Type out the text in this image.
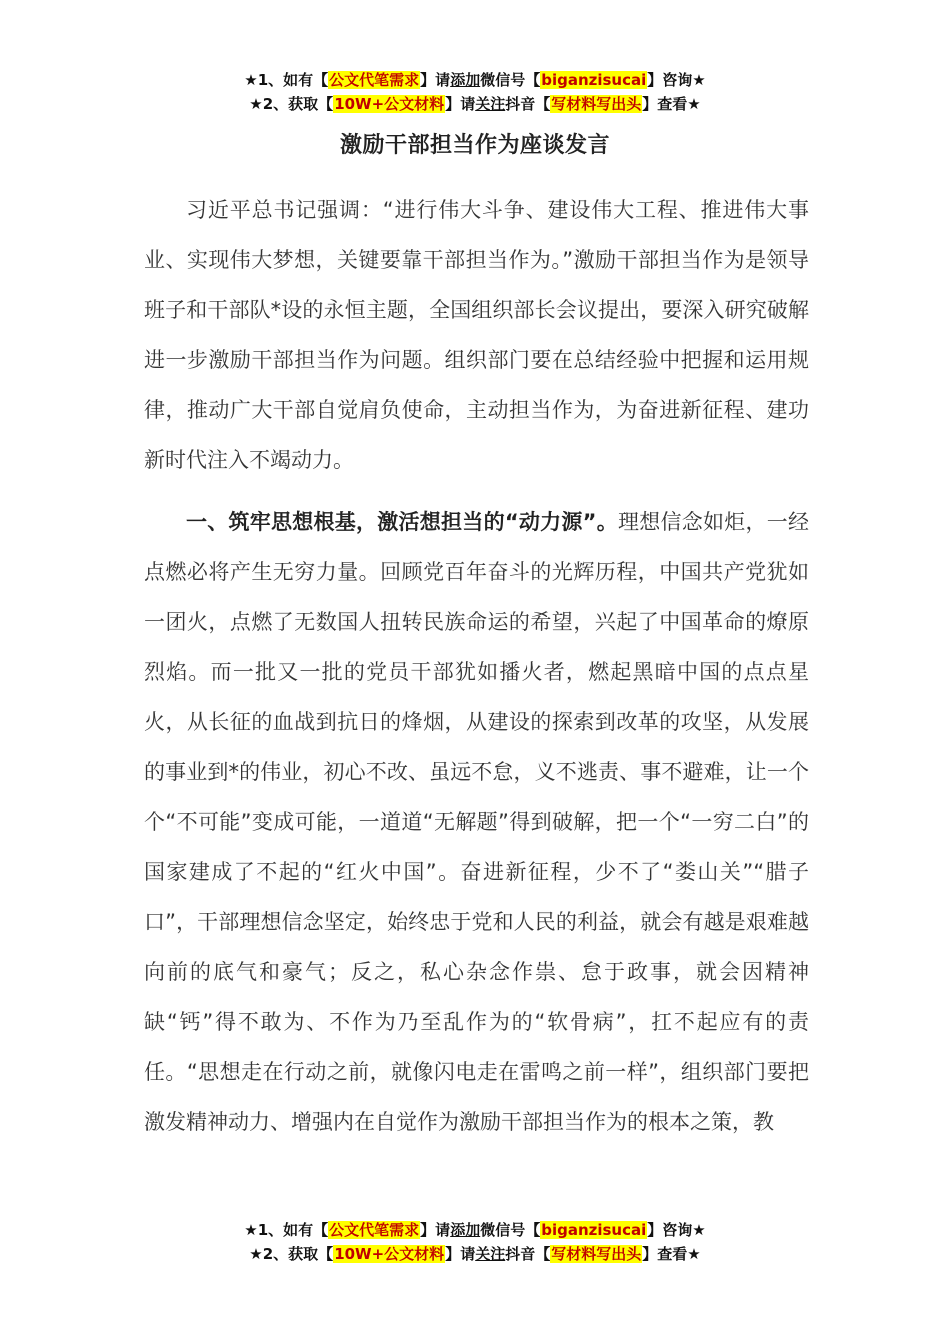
★1、如有【公文代笔需求】请添加微信号【biganzisucai】咨询★
★2、获取【10W+公文材料】请关注抖音【写材料写出头】查看★
激励干部担当作为座谈发言

习近平总书记强调：“进行伟大斗争、建设伟大工程、推进伟大事业、实现伟大梦想，关键要靠干部担当作为。”激励干部担当作为是领导班子和干部队*设的永恒主题，全国组织部长会议提出，要深入研究破解进一步激励干部担当作为问题。组织部门要在总结经验中把握和运用规律，推动广大干部自觉肩负使命，主动担当作为，为奋进新征程、建功新时代注入不竭动力。

一、筑牢思想根基，激活想担当的“动力源”。理想信念如炬，一经点燃必将产生无穷力量。回顾党百年奋斗的光辉历程，中国共产党犹如一团火，点燃了无数国人扭转民族命运的希望，兴起了中国革命的燎原烈焰。而一批又一批的党员干部犹如播火者，燃起黑暗中国的点点星火，从长征的血战到抗日的烽烟，从建设的探索到改革的攻坚，从发展的事业到*的伟业，初心不改、虽远不怠，义不逃责、事不避难，让一个个“不可能”变成可能，一道道“无解题”得到破解，把一个“一穷二白”的国家建成了不起的“红火中国”。奋进新征程，少不了“娄山关”“腊子口”，干部理想信念坚定，始终忠于党和人民的利益，就会有越是艰难越向前的底气和豪气；反之，私心杂念作祟、怠于政事，就会因精神缺“钙”得不敢为、不作为乃至乱作为的“软骨病”，扛不起应有的责任。“思想走在行动之前，就像闪电走在雷鸣之前一样”，组织部门要把激发精神动力、增强内在自觉作为激励干部担当作为的根本之策，教

★1、如有【公文代笔需求】请添加微信号【biganzisucai】咨询★
★2、获取【10W+公文材料】请关注抖音【写材料写出头】查看★
